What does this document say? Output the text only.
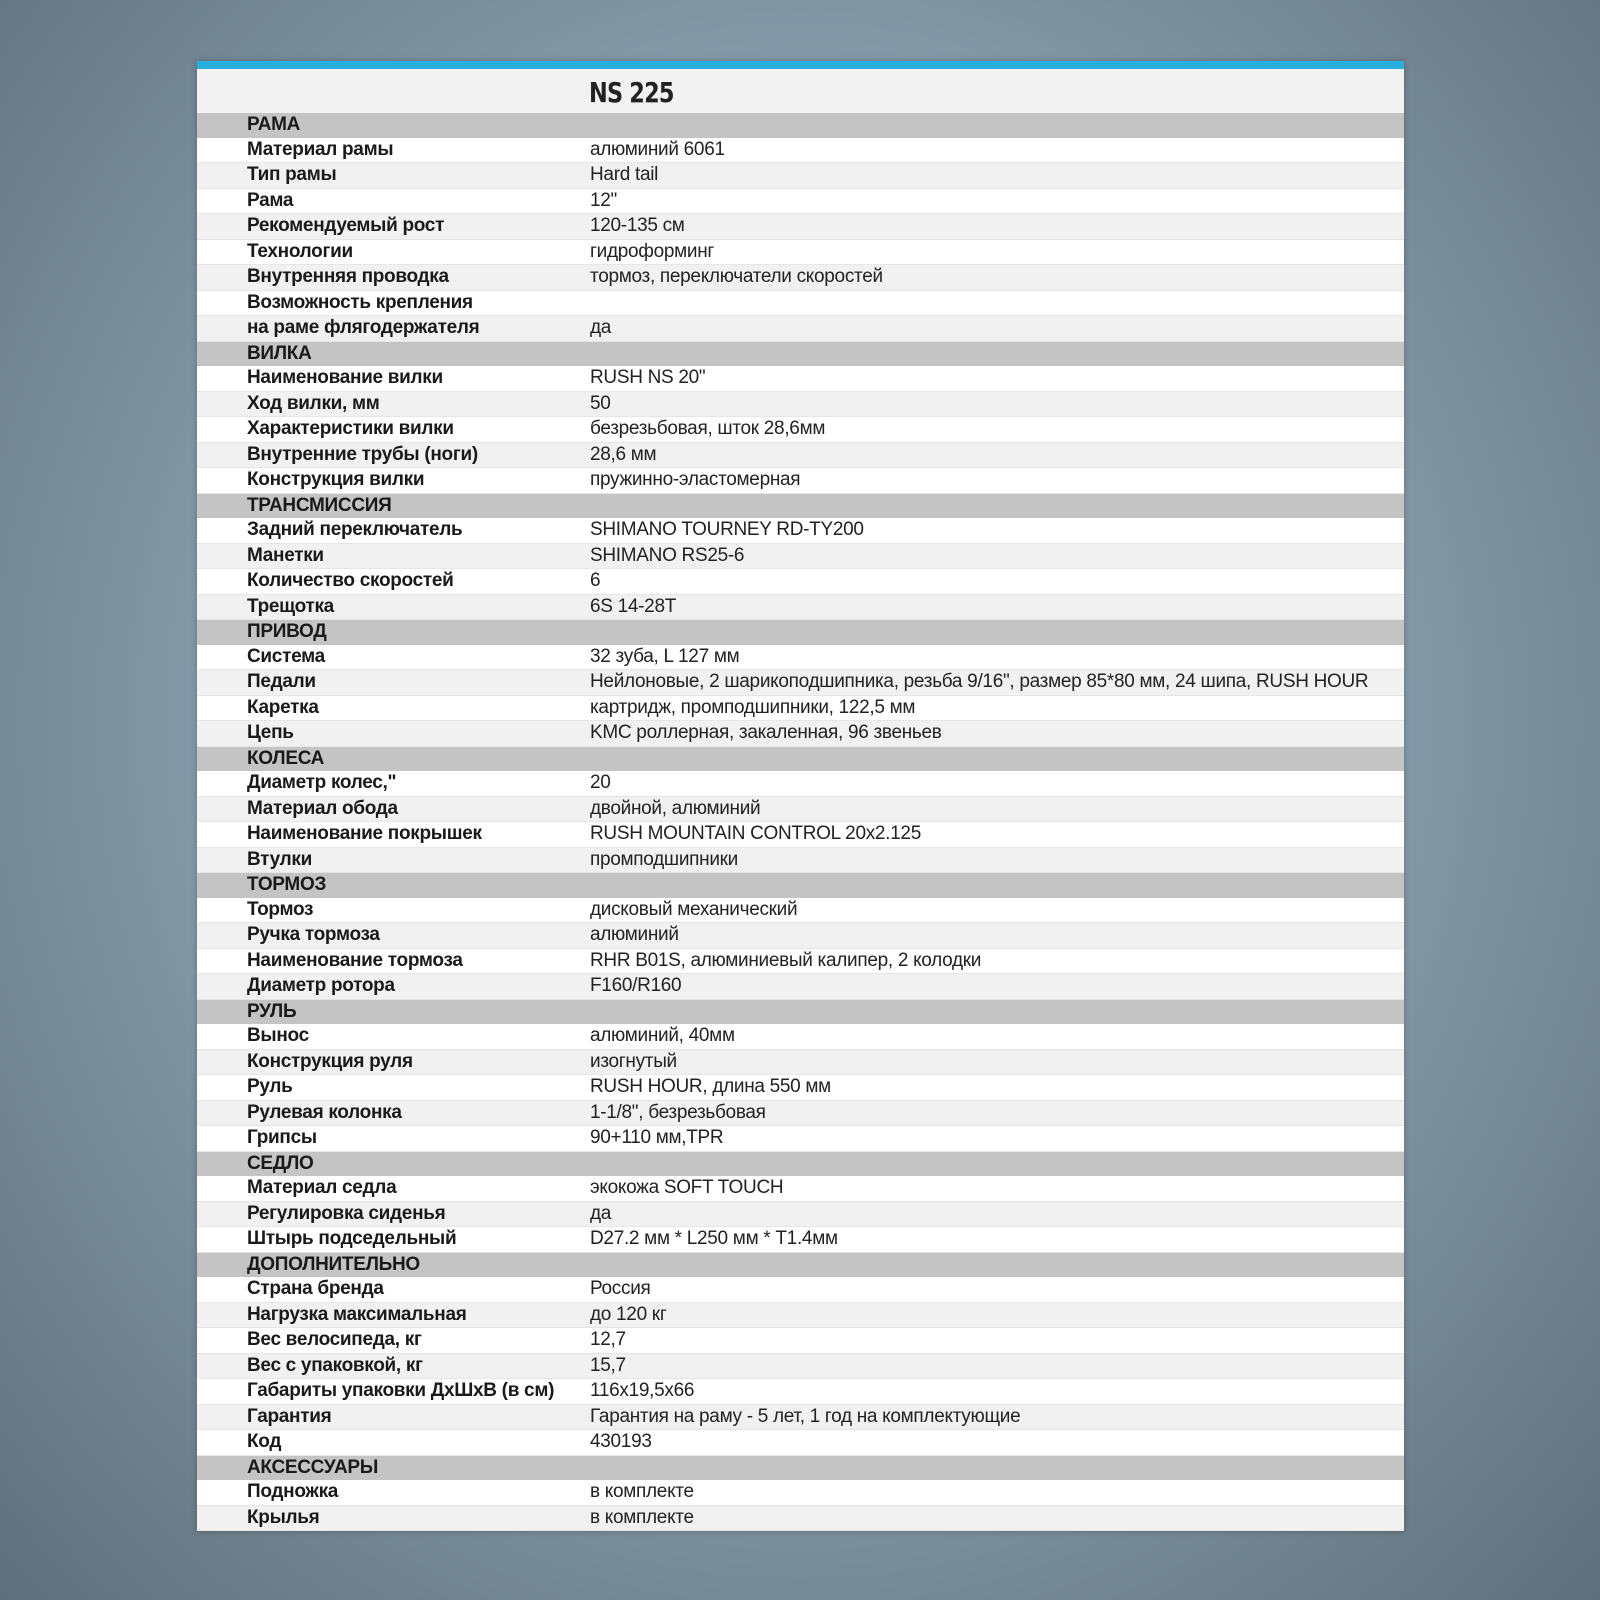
NS 225
РАМА
Материал рамы	алюминий 6061
Тип рамы	Hard tail
Рама	12"
Рекомендуемый рост	120-135 см
Технологии	гидроформинг
Внутренняя проводка	тормоз, переключатели скоростей
Возможность крепления
на раме флягодержателя	да
ВИЛКА
Наименование вилки	RUSH NS 20"
Ход вилки, мм	50
Характеристики вилки	безрезьбовая, шток 28,6мм
Внутренние трубы (ноги)	28,6 мм
Конструкция вилки	пружинно-эластомерная
ТРАНСМИССИЯ
Задний переключатель	SHIMANO TOURNEY RD-TY200
Манетки	SHIMANO RS25-6
Количество скоростей	6
Трещотка	6S 14-28T
ПРИВОД
Система	32 зуба, L 127 мм
Педали	Нейлоновые, 2 шарикоподшипника, резьба 9/16", размер 85*80 мм, 24 шипа, RUSH HOUR
Каретка	картридж, промподшипники, 122,5 мм
Цепь	KMC роллерная, закаленная, 96 звеньев
КОЛЕСА
Диаметр колес,"	20
Материал обода	двойной, алюминий
Наименование покрышек	RUSH MOUNTAIN CONTROL 20x2.125
Втулки	промподшипники
ТОРМОЗ
Тормоз	дисковый механический
Ручка тормоза	алюминий
Наименование тормоза	RHR B01S, алюминиевый калипер, 2 колодки
Диаметр ротора	F160/R160
РУЛЬ
Вынос	алюминий, 40мм
Конструкция руля	изогнутый
Руль	RUSH HOUR, длина 550 мм
Рулевая колонка	1-1/8", безрезьбовая
Грипсы	90+110 мм,TPR
СЕДЛО
Материал седла	экокожа SOFT TOUCH
Регулировка сиденья	да
Штырь подседельный	D27.2 мм * L250 мм * T1.4мм
ДОПОЛНИТЕЛЬНО
Страна бренда	Россия
Нагрузка максимальная	до 120 кг
Вес велосипеда, кг	12,7
Вес с упаковкой, кг	15,7
Габариты упаковки ДхШхВ (в см)	116x19,5x66
Гарантия	Гарантия на раму - 5 лет, 1 год на комплектующие
Код	430193
АКСЕССУАРЫ
Подножка	в комплекте
Крылья	в комплекте
